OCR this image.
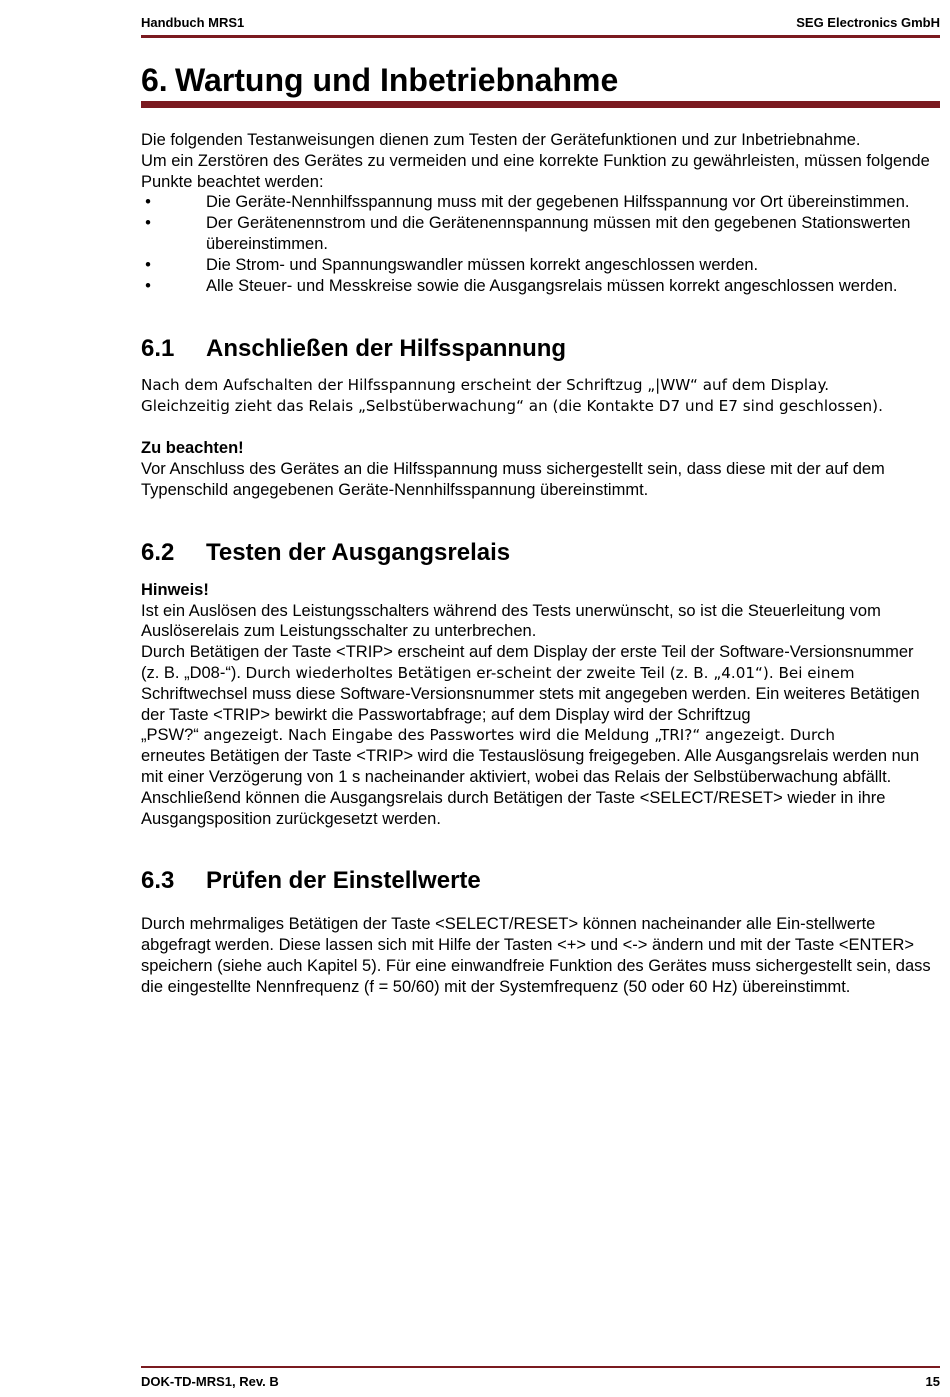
Handbuch MRS1	SEG Electronics GmbH
6. Wartung und Inbetriebnahme

Die folgenden Testanweisungen dienen zum Testen der Gerätefunktionen und zur Inbetriebnahme.

Um ein Zerstören des Gerätes zu vermeiden und eine korrekte Funktion zu gewährleisten, müssen folgende Punkte beachtet werden:

•	Die Geräte-Nennhilfsspannung muss mit der gegebenen Hilfsspannung vor Ort übereinstimmen.
•	Der Gerätenennstrom und die Gerätenennspannung müssen mit den gegebenen Stationswerten übereinstimmen.
•	Die Strom- und Spannungswandler müssen korrekt angeschlossen werden.
•	Alle Steuer- und Messkreise sowie die Ausgangsrelais müssen korrekt angeschlossen werden.
6.1 Anschließen der Hilfsspannung

Nach dem Aufschalten der Hilfsspannung erscheint der Schriftzug „|WW“ auf dem Display.

Gleichzeitig zieht das Relais „Selbstüberwachung“ an (die Kontakte D7 und E7 sind geschlossen).

Zu beachten!

Vor Anschluss des Gerätes an die Hilfsspannung muss sichergestellt sein, dass diese mit der auf dem Typenschild angegebenen Geräte-Nennhilfsspannung übereinstimmt.

6.2 Testen der Ausgangsrelais

Hinweis!

Ist ein Auslösen des Leistungsschalters während des Tests unerwünscht, so ist die Steuerleitung vom Auslöserelais zum Leistungsschalter zu unterbrechen.

Durch Betätigen der Taste <TRIP> erscheint auf dem Display der erste Teil der Software-Versionsnummer

(z. B. „D08-“). Durch wiederholtes Betätigen er-scheint der zweite Teil (z. B. „4.01“). Bei einem

Schriftwechsel muss diese Software-Versionsnummer stets mit angegeben werden. Ein weiteres Betätigen der Taste <TRIP> bewirkt die Passwortabfrage; auf dem Display wird der Schriftzug

„PSW?“ angezeigt. Nach Eingabe des Passwortes wird die Meldung „TRI?“ angezeigt. Durch

erneutes Betätigen der Taste <TRIP> wird die Testauslösung freigegeben. Alle Ausgangsrelais werden nun mit einer Verzögerung von 1 s nacheinander aktiviert, wobei das Relais der Selbstüberwachung abfällt. Anschließend können die Ausgangsrelais durch Betätigen der Taste <SELECT/RESET> wieder in ihre Ausgangsposition zurückgesetzt werden.

6.3 Prüfen der Einstellwerte

Durch mehrmaliges Betätigen der Taste <SELECT/RESET> können nacheinander alle Ein-stellwerte abgefragt werden. Diese lassen sich mit Hilfe der Tasten <+> und <-> ändern und mit der Taste <ENTER> speichern (siehe auch Kapitel 5). Für eine einwandfreie Funktion des Gerätes muss sichergestellt sein, dass die eingestellte Nennfrequenz (f = 50/60) mit der Systemfrequenz (50 oder 60 Hz) übereinstimmt.

DOK-TD-MRS1, Rev. B	15
